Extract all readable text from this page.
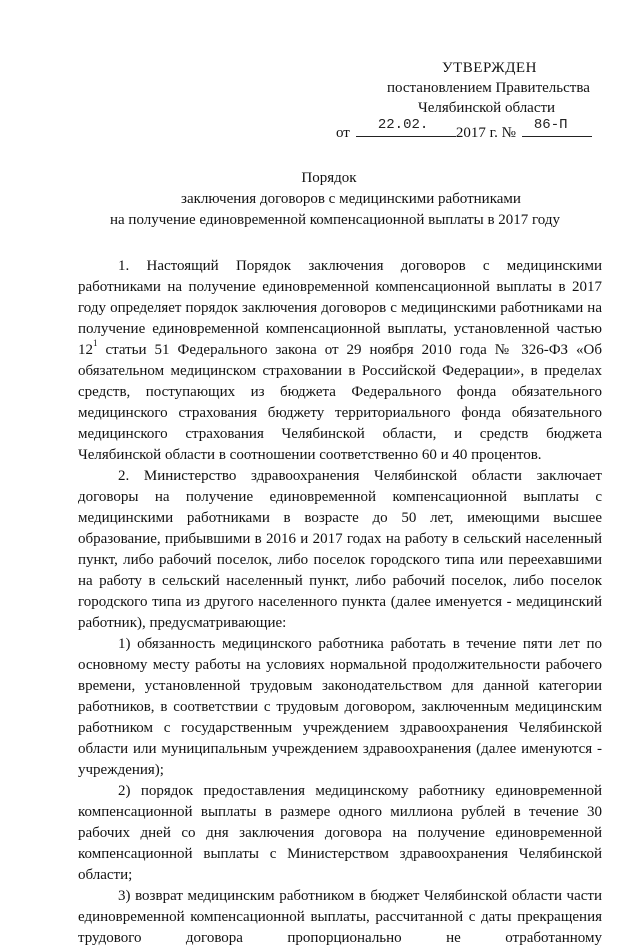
УТВЕРЖДЕН
постановлением Правительства
Челябинской области
от 22.02. 2017 г. № 86-П
Порядок
заключения договоров с медицинскими работниками
на получение единовременной компенсационной выплаты в 2017 году

1. Настоящий Порядок заключения договоров с медицинскими работниками на получение единовременной компенсационной выплаты в 2017 году определяет порядок заключения договоров с медицинскими работниками на получение единовременной компенсационной выплаты, установленной частью $12^1$ статьи 51 Федерального закона от 29 ноября 2010 года № 326-ФЗ «Об обязательном медицинском страховании в Российской Федерации», в пределах средств, поступающих из бюджета Федерального фонда обязательного медицинского страхования бюджету территориального фонда обязательного медицинского страхования Челябинской области, и средств бюджета Челябинской области в соотношении соответственно 60 и 40 процентов.

2. Министерство здравоохранения Челябинской области заключает договоры на получение единовременной компенсационной выплаты с медицинскими работниками в возрасте до 50 лет, имеющими высшее образование, прибывшими в 2016 и 2017 годах на работу в сельский населенный пункт, либо рабочий поселок, либо поселок городского типа или переехавшими на работу в сельский населенный пункт, либо рабочий поселок, либо поселок городского типа из другого населенного пункта (далее именуется - медицинский работник), предусматривающие:

1) обязанность медицинского работника работать в течение пяти лет по основному месту работы на условиях нормальной продолжительности рабочего времени, установленной трудовым законодательством для данной категории работников, в соответствии с трудовым договором, заключенным медицинским работником с государственным учреждением здравоохранения Челябинской области или муниципальным учреждением здравоохранения (далее именуются - учреждения);

2) порядок предоставления медицинскому работнику единовременной компенсационной выплаты в размере одного миллиона рублей в течение 30 рабочих дней со дня заключения договора на получение единовременной компенсационной выплаты с Министерством здравоохранения Челябинской области;

3) возврат медицинским работником в бюджет Челябинской области части единовременной компенсационной выплаты, рассчитанной с даты прекращения трудового договора пропорционально не отработанному
